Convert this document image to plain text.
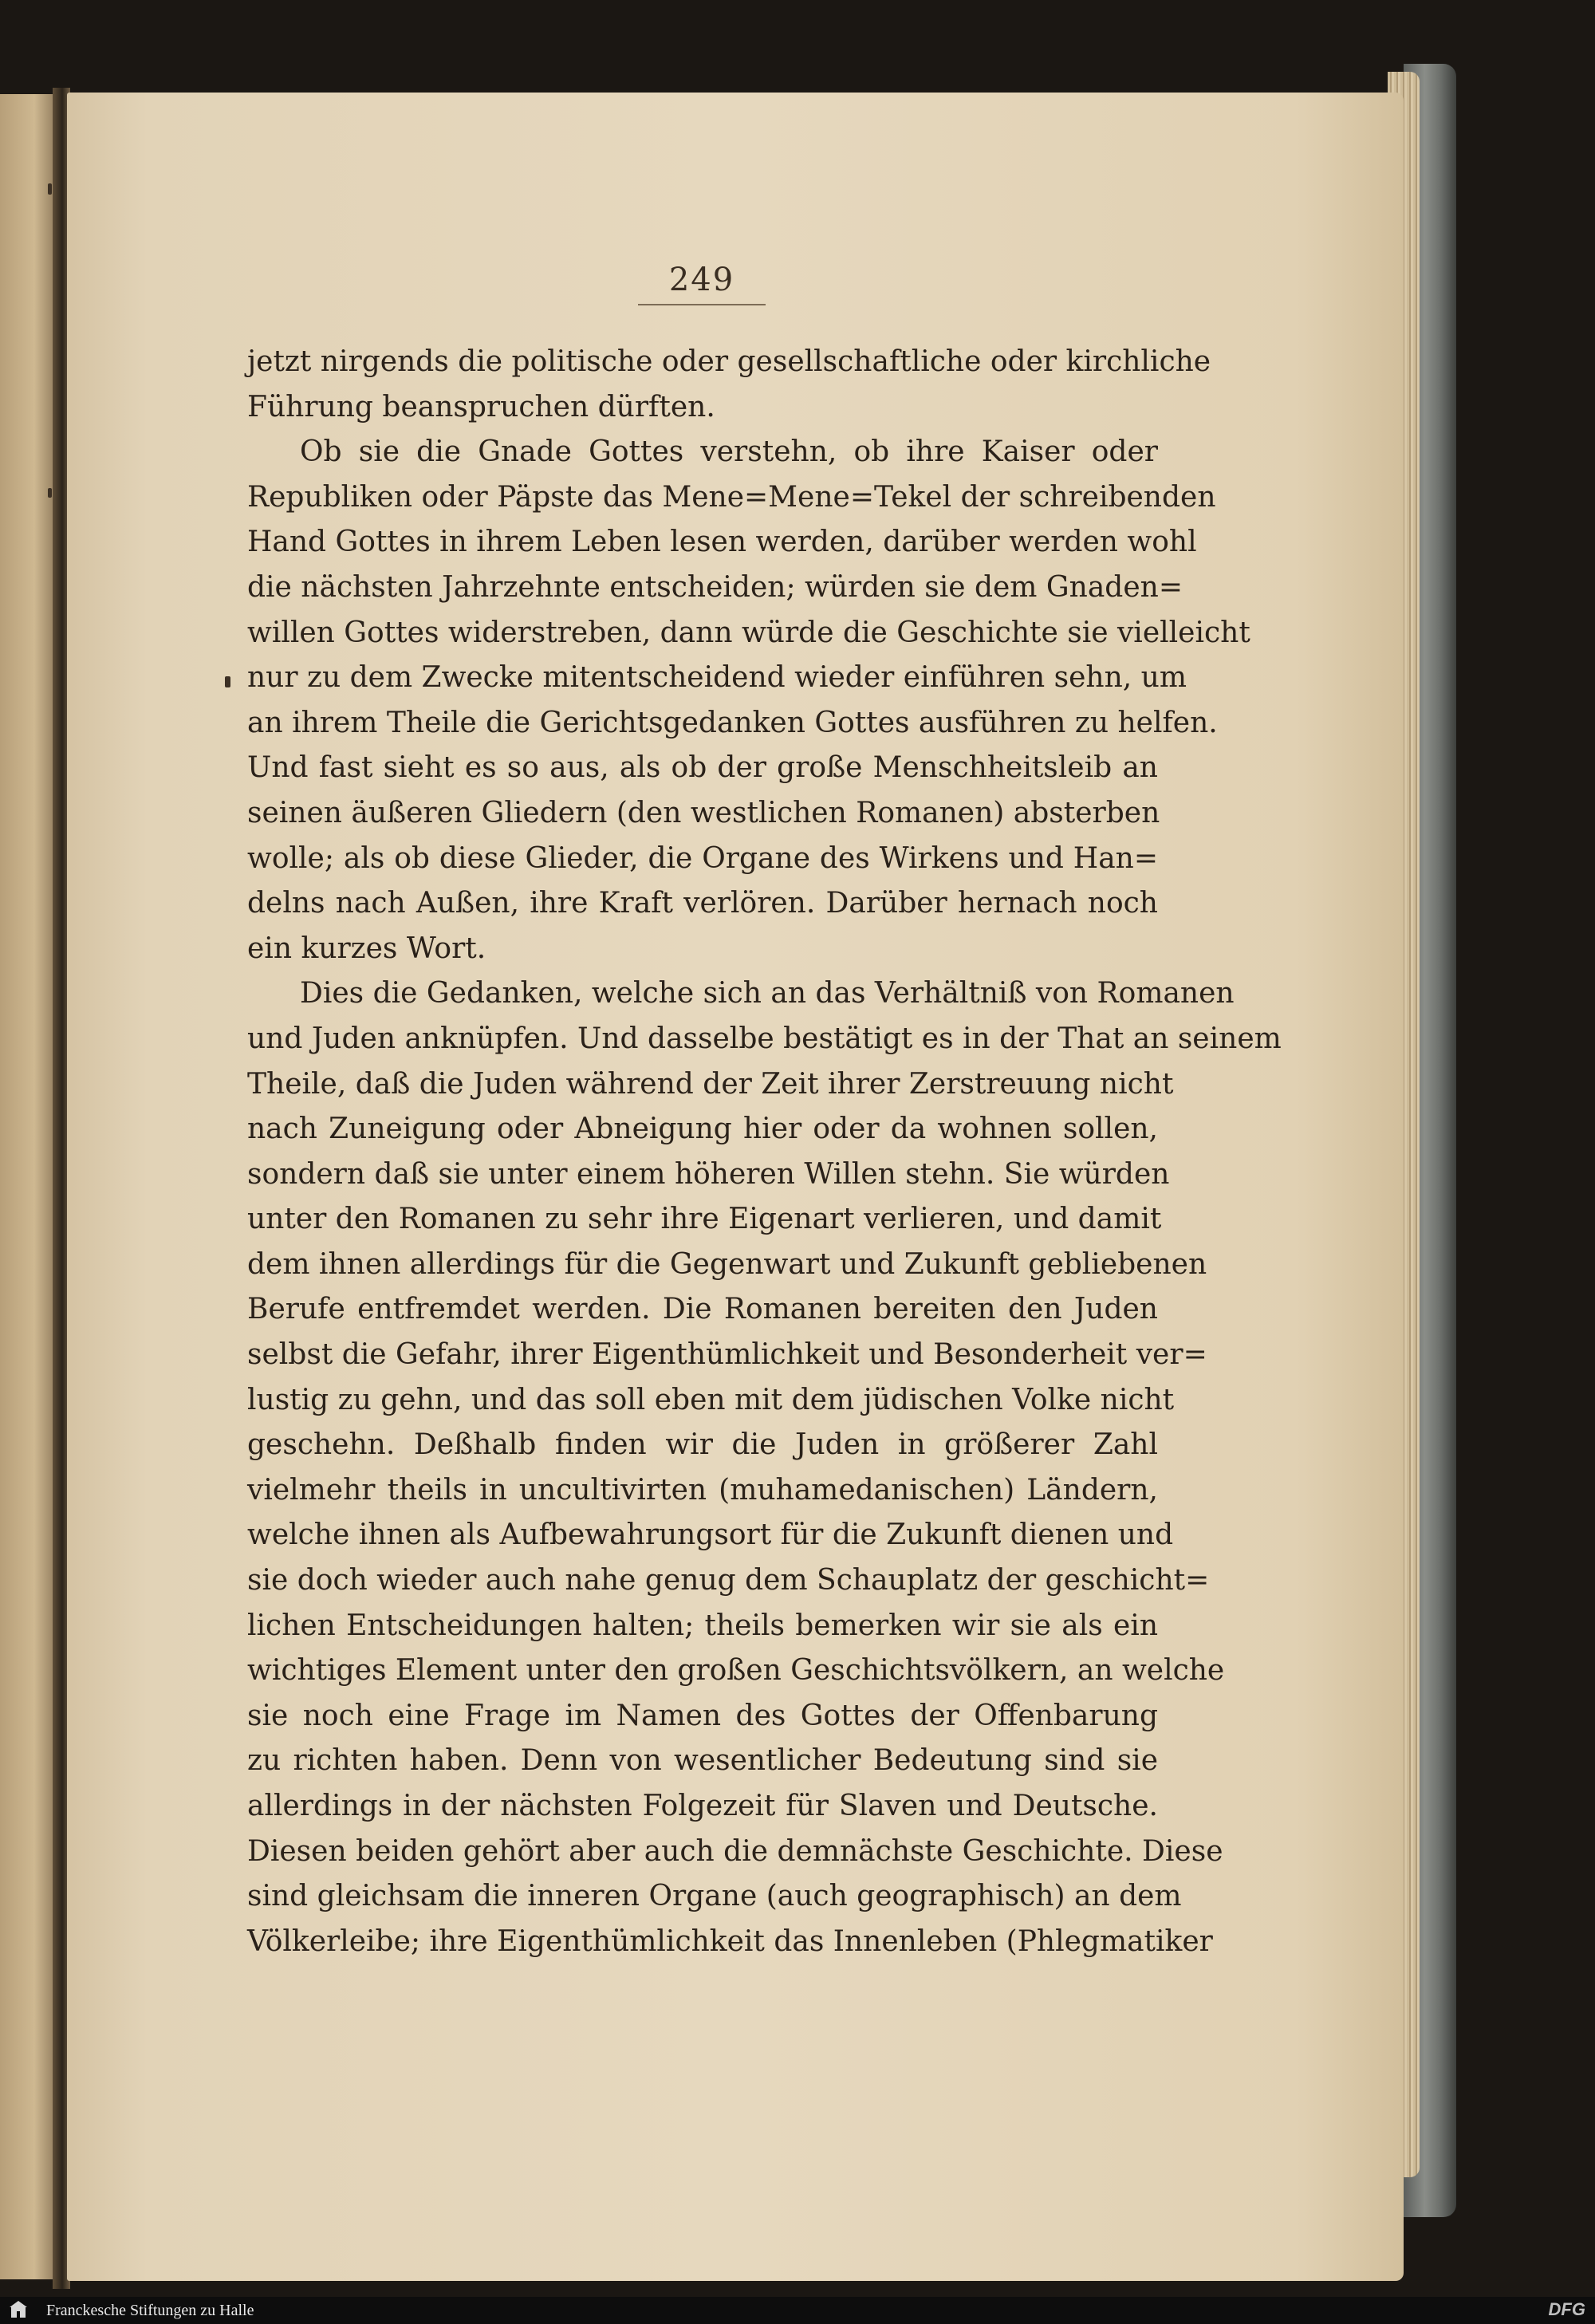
249
jetzt nirgends die politische oder gesellschaftliche oder kirchliche
Führung beanspruchen dürften.
Ob sie die Gnade Gottes verstehn, ob ihre Kaiser oder
Republiken oder Päpste das Mene=Mene=Tekel der schreibenden
Hand Gottes in ihrem Leben lesen werden, darüber werden wohl
die nächsten Jahrzehnte entscheiden; würden sie dem Gnaden=
willen Gottes widerstreben, dann würde die Geschichte sie vielleicht
nur zu dem Zwecke mitentscheidend wieder einführen sehn, um
an ihrem Theile die Gerichtsgedanken Gottes ausführen zu helfen.
Und fast sieht es so aus, als ob der große Menschheitsleib an
seinen äußeren Gliedern (den westlichen Romanen) absterben
wolle; als ob diese Glieder, die Organe des Wirkens und Han=
delns nach Außen, ihre Kraft verlören. Darüber hernach noch
ein kurzes Wort.
Dies die Gedanken, welche sich an das Verhältniß von Romanen
und Juden anknüpfen. Und dasselbe bestätigt es in der That an seinem
Theile, daß die Juden während der Zeit ihrer Zerstreuung nicht
nach Zuneigung oder Abneigung hier oder da wohnen sollen,
sondern daß sie unter einem höheren Willen stehn. Sie würden
unter den Romanen zu sehr ihre Eigenart verlieren, und damit
dem ihnen allerdings für die Gegenwart und Zukunft gebliebenen
Berufe entfremdet werden. Die Romanen bereiten den Juden
selbst die Gefahr, ihrer Eigenthümlichkeit und Besonderheit ver=
lustig zu gehn, und das soll eben mit dem jüdischen Volke nicht
geschehn. Deßhalb finden wir die Juden in größerer Zahl
vielmehr theils in uncultivirten (muhamedanischen) Ländern,
welche ihnen als Aufbewahrungsort für die Zukunft dienen und
sie doch wieder auch nahe genug dem Schauplatz der geschicht=
lichen Entscheidungen halten; theils bemerken wir sie als ein
wichtiges Element unter den großen Geschichtsvölkern, an welche
sie noch eine Frage im Namen des Gottes der Offenbarung
zu richten haben. Denn von wesentlicher Bedeutung sind sie
allerdings in der nächsten Folgezeit für Slaven und Deutsche.
Diesen beiden gehört aber auch die demnächste Geschichte. Diese
sind gleichsam die inneren Organe (auch geographisch) an dem
Völkerleibe; ihre Eigenthümlichkeit das Innenleben (Phlegmatiker
Franckesche Stiftungen zu Halle	DFG
